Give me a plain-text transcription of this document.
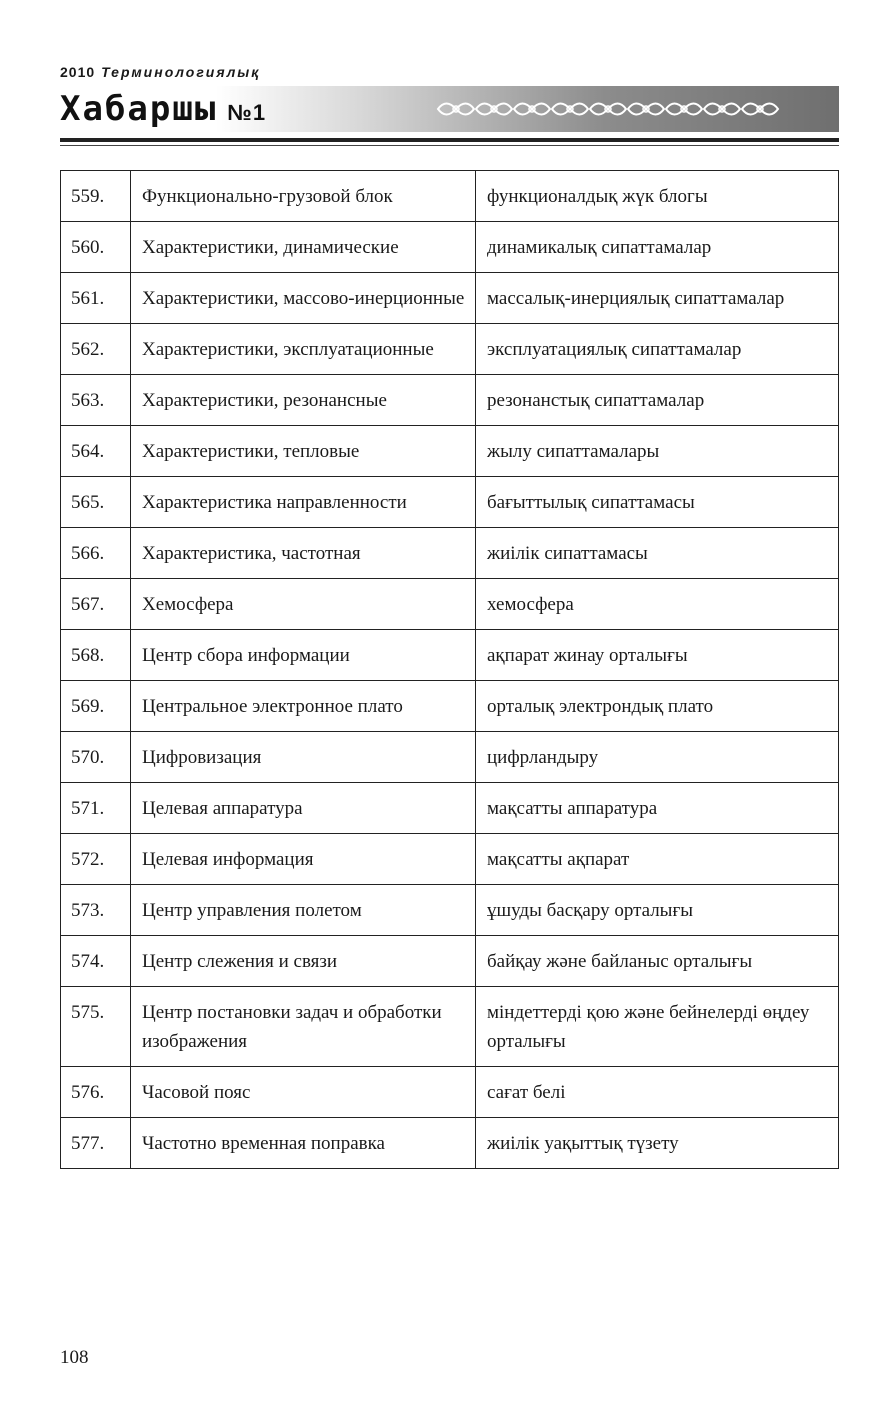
2010 Терминологиялық
Хабаршы №1
559.	Функционально-грузовой блок	функционалдық жүк блогы
560.	Характеристики, динамические	динамикалық сипаттамалар
561.	Характеристики, массово-инерционные	массалық-инерциялық сипаттамалар
562.	Характеристики, эксплуатационные	эксплуатациялық сипаттамалар
563.	Характеристики, резонансные	резонанстық сипаттамалар
564.	Характеристики, тепловые	жылу сипаттамалары
565.	Характеристика направленности	бағыттылық сипаттамасы
566.	Характеристика, частотная	жиілік сипаттамасы
567.	Хемосфера	хемосфера
568.	Центр сбора информации	ақпарат жинау орталығы
569.	Центральное электронное плато	орталық электрондық плато
570.	Цифровизация	цифрландыру
571.	Целевая аппаратура	мақсатты аппаратура
572.	Целевая информация	мақсатты ақпарат
573.	Центр управления полетом	ұшуды басқару орталығы
574.	Центр слежения и связи	байқау және байланыс орталығы
575.	Центр постановки задач и обработки изображения	міндеттерді қою және бейнелерді өңдеу орталығы
576.	Часовой пояс	сағат белі
577.	Частотно временная поправка	жиілік уақыттық түзету
108
